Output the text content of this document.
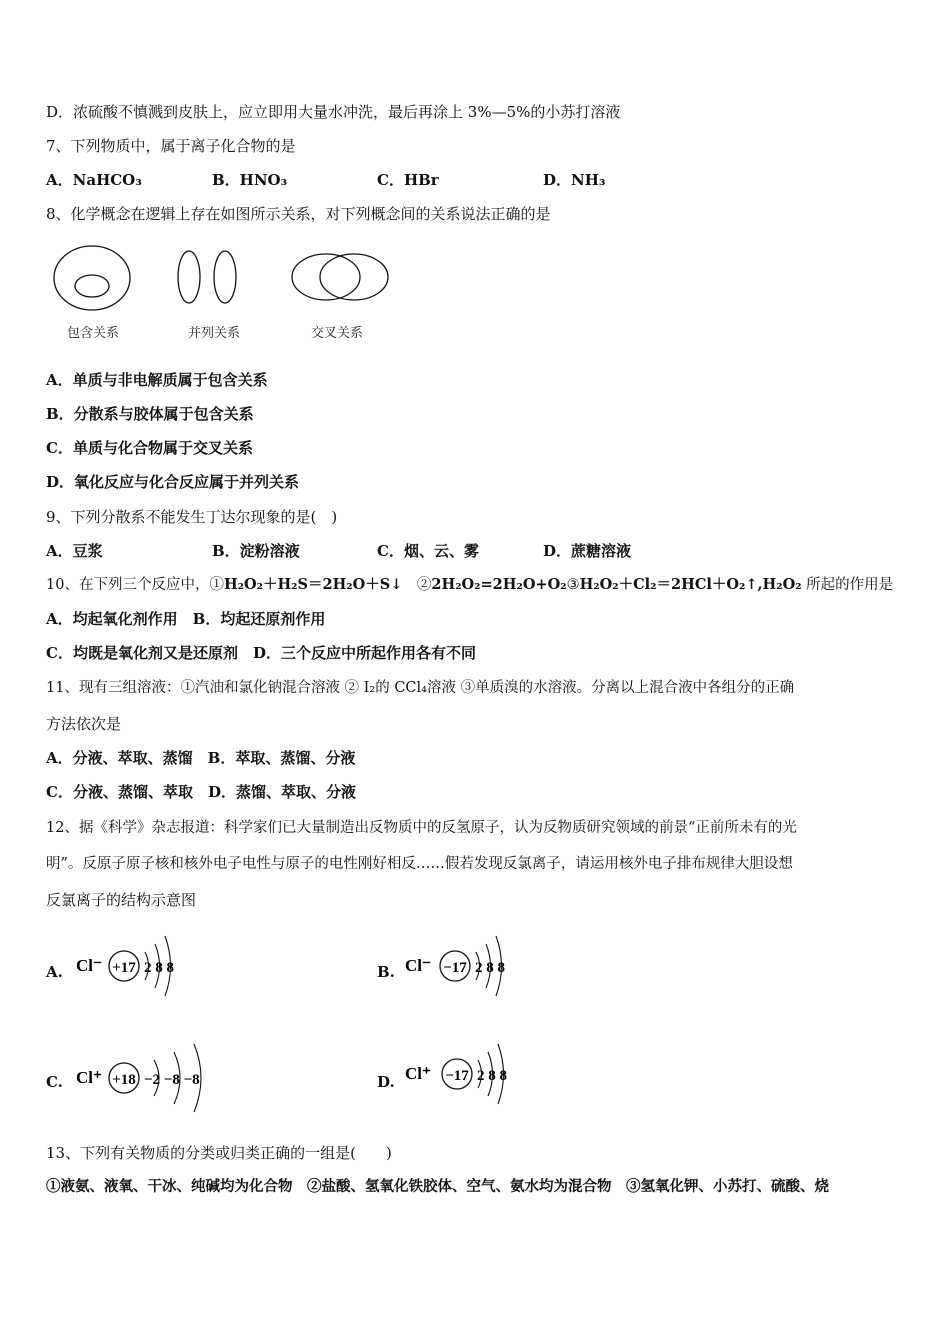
D．浓硫酸不慎溅到皮肤上，应立即用大量水冲洗，最后再涂上 3%—5%的小苏打溶液
7、下列物质中，属于离子化合物的是
A．NaHCO₃	B．HNO₃	C．HBr	D．NH₃
8、化学概念在逻辑上存在如图所示关系，对下列概念间的关系说法正确的是
包含关系	并列关系	交叉关系
A．单质与非电解质属于包含关系
B．分散系与胶体属于包含关系
C．单质与化合物属于交叉关系
D．氧化反应与化合反应属于并列关系
9、下列分散系不能发生丁达尔现象的是(　)
A．豆浆	B．淀粉溶液	C．烟、云、雾	D．蔗糖溶液
10、在下列三个反应中，①H₂O₂＋H₂S＝2H₂O＋S↓　②2H₂O₂=2H₂O+O₂③H₂O₂＋Cl₂＝2HCl＋O₂↑,H₂O₂ 所起的作用是
A．均起氧化剂作用　B．均起还原剂作用
C．均既是氧化剂又是还原剂　D．三个反应中所起作用各有不同
11、现有三组溶液：①汽油和氯化钠混合溶液 ② I₂的 CCl₄溶液 ③单质溴的水溶液。分离以上混合液中各组分的正确
方法依次是
A．分液、萃取、蒸馏　B．萃取、蒸馏、分液
C．分液、蒸馏、萃取　D．蒸馏、萃取、分液
12、据《科学》杂志报道：科学家们已大量制造出反物质中的反氢原子，认为反物质研究领域的前景“正前所未有的光
明”。反原子原子核和核外电子电性与原子的电性刚好相反……假若发现反氯离子，请运用核外电子排布规律大胆设想
反氯离子的结构示意图
A. Cl⁻ +17 2 8 8	B. Cl⁻ −17 2 8 8
C. Cl⁺ +18 −2 −8 −8	D. Cl⁺ −17 2 8 8
13、下列有关物质的分类或归类正确的一组是(　　)
①液氨、液氧、干冰、纯碱均为化合物　②盐酸、氢氧化铁胶体、空气、氨水均为混合物　③氢氧化钾、小苏打、硫酸、烧
